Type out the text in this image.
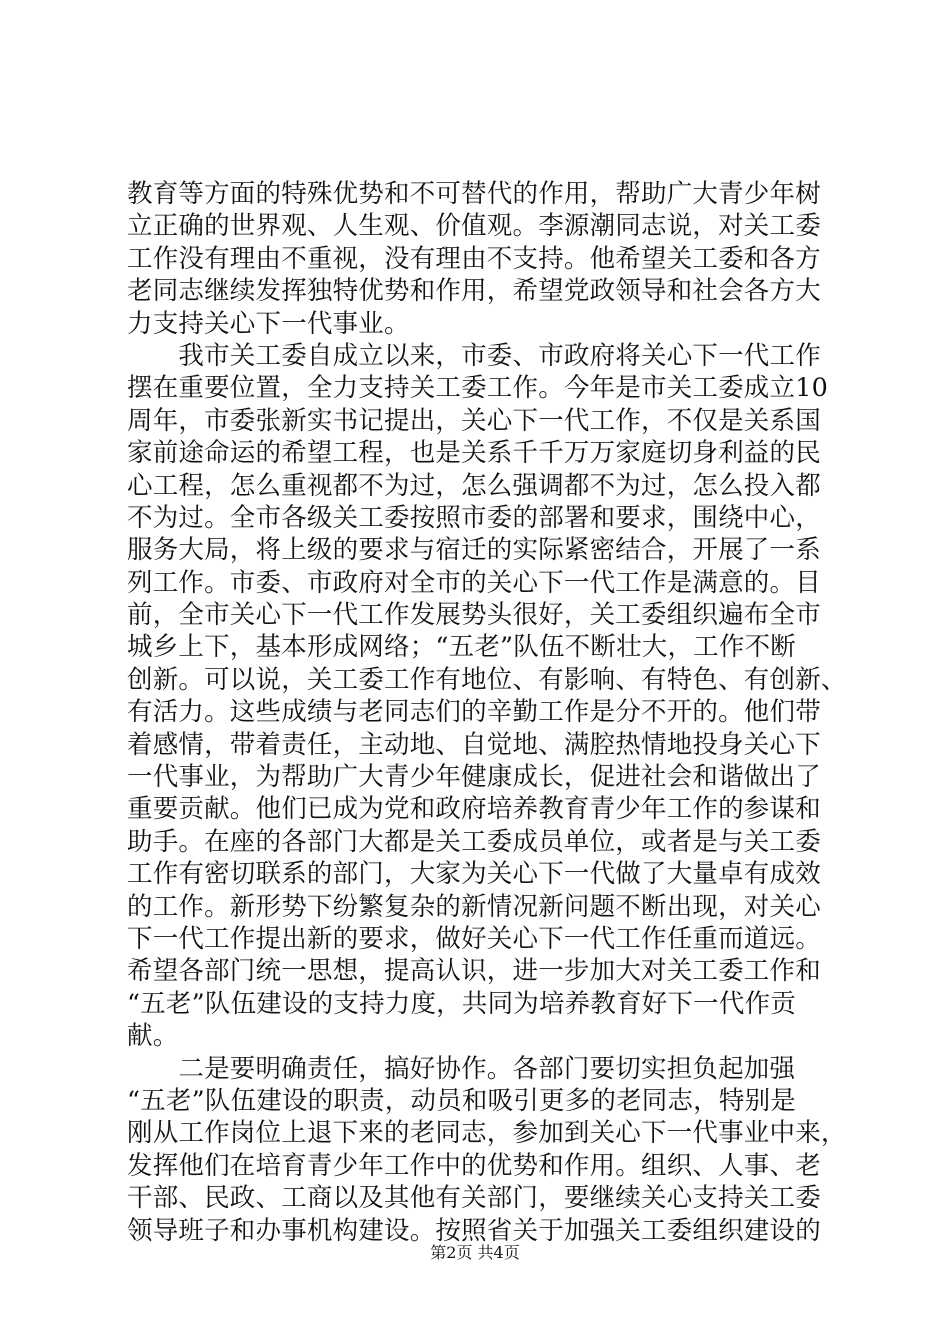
教育等方面的特殊优势和不可替代的作用，帮助广大青少年树
立正确的世界观、人生观、价值观。李源潮同志说，对关工委
工作没有理由不重视，没有理由不支持。他希望关工委和各方
老同志继续发挥独特优势和作用，希望党政领导和社会各方大
力支持关心下一代事业。
　　我市关工委自成立以来，市委、市政府将关心下一代工作
摆在重要位置，全力支持关工委工作。今年是市关工委成立10
周年，市委张新实书记提出，关心下一代工作，不仅是关系国
家前途命运的希望工程，也是关系千千万万家庭切身利益的民
心工程，怎么重视都不为过，怎么强调都不为过，怎么投入都
不为过。全市各级关工委按照市委的部署和要求，围绕中心，
服务大局，将上级的要求与宿迁的实际紧密结合，开展了一系
列工作。市委、市政府对全市的关心下一代工作是满意的。目
前，全市关心下一代工作发展势头很好，关工委组织遍布全市
城乡上下，基本形成网络；“五老”队伍不断壮大，工作不断
创新。可以说，关工委工作有地位、有影响、有特色、有创新、
有活力。这些成绩与老同志们的辛勤工作是分不开的。他们带
着感情，带着责任，主动地、自觉地、满腔热情地投身关心下
一代事业，为帮助广大青少年健康成长，促进社会和谐做出了
重要贡献。他们已成为党和政府培养教育青少年工作的参谋和
助手。在座的各部门大都是关工委成员单位，或者是与关工委
工作有密切联系的部门，大家为关心下一代做了大量卓有成效
的工作。新形势下纷繁复杂的新情况新问题不断出现，对关心
下一代工作提出新的要求，做好关心下一代工作任重而道远。
希望各部门统一思想，提高认识，进一步加大对关工委工作和
“五老”队伍建设的支持力度，共同为培养教育好下一代作贡
献。
　　二是要明确责任，搞好协作。各部门要切实担负起加强
“五老”队伍建设的职责，动员和吸引更多的老同志，特别是
刚从工作岗位上退下来的老同志，参加到关心下一代事业中来，
发挥他们在培育青少年工作中的优势和作用。组织、人事、老
干部、民政、工商以及其他有关部门，要继续关心支持关工委
领导班子和办事机构建设。按照省关于加强关工委组织建设的
第2页 共4页
